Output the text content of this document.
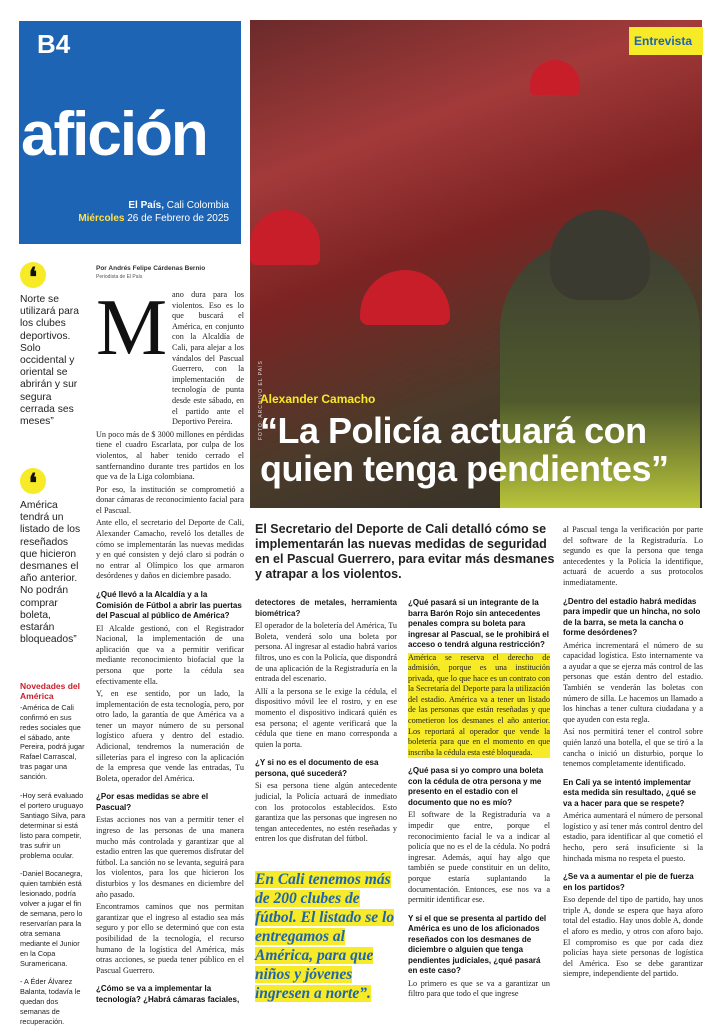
B4
afición
El País, Cali Colombia
Miércoles 26 de Febrero de 2025
FOTO: ARCHIVO EL PAÍS
Entrevista
Alexander Camacho
“La Policía actuará con quien tenga pendientes”
❛
Norte se utilizará para los clubes deportivos. Solo occidental y oriental se abrirán y sur segura cerrada ses meses”
❛
América tendrá un listado de los reseñados que hicieron desmanes el año anterior. No podrán comprar boleta, estarán bloqueados”
Novedades del América

-América de Cali confirmó en sus redes sociales que el sábado, ante Pereira, podrá jugar Rafael Carrascal, tras pagar una sanción.

-Hoy será evaluado el portero uruguayo Santiago Silva, para determinar si está listo para competir, tras sufrir un problema ocular.

-Daniel Bocanegra, quien también está lesionado, podría volver a jugar el fin de semana, pero lo reservarían para la otra semana mediante el Junior en la Copa Suramericana.

- A Éder Álvarez Balanta, todavía le quedan dos semanas de recuperación.

Por Andrés Felipe Cárdenas Bernio
Periodista de El País
M ano dura para los violentos. Eso es lo que buscará el América, en conjunto con la Alcaldía de Cali, para alejar a los vándalos del Pascual Guerrero, con la implementación de tecnología de punta desde este sábado, en el partido ante el Deportivo Pereira.

Un poco más de $ 3000 millones en pérdidas tiene el cuadro Escarlata, por culpa de los violentos, al haber tenido cerrado el santfernandino durante tres partidos en los que va de la Liga colombiana.

Por eso, la institución se comprometió a donar cámaras de reconocimiento facial para el Pascual.

Ante ello, el secretario del Deporte de Cali, Alexander Camacho, reveló los detalles de cómo se implementarán las nuevas medidas y en qué consisten y dejó claro si podrán o no entrar al Olímpico los que armaron desórdenes y daños en diciembre pasado.

¿Qué llevó a la Alcaldía y a la Comisión de Fútbol a abrir las puertas del Pascual al público de América?

El Alcalde gestionó, con el Registrador Nacional, la implementación de una aplicación que va a permitir verificar mediante reconocimiento biofacial que la persona que porte la cédula sea efectivamente ella.

Y, en ese sentido, por un lado, la implementación de esta tecnología, pero, por otro lado, la garantía de que América va a tener un mayor número de su personal logístico afuera y dentro del estadio. Adicional, tendremos la numeración de silleterías para el ingreso con la aplicación de la empresa que vende las entradas, Tu Boleta, operador del América.

¿Por esas medidas se abre el Pascual?

Estas acciones nos van a permitir tener el ingreso de las personas de una manera mucho más controlada y garantizar que al estadio entren las que queremos disfrutar del fútbol. La sanción no se levanta, seguirá para los violentos, para los que hicieron los disturbios y los desmanes en diciembre del año pasado.

Encontramos caminos que nos permitan garantizar que el ingreso al estadio sea más seguro y por ello se determinó que con esta posibilidad de la tecnología, el recurso humano de la logística del América, más otras acciones, se pueda tener público en el Pascual Guerrero.

¿Cómo se va a implementar la tecnología? ¿Habrá cámaras faciales,
El Secretario del Deporte de Cali detalló cómo se implementarán las nuevas medidas de seguridad en el Pascual Guerrero, para evitar más desmanes y atrapar a los violentos.

detectores de metales, herramienta biométrica?

El operador de la boletería del América, Tu Boleta, venderá solo una boleta por persona. Al ingresar al estadio habrá varios filtros, uno es con la Policía, que dispondrá de una aplicación de la Registraduría en la entrada del escenario.

Allí a la persona se le exige la cédula, el dispositivo móvil lee el rostro, y en ese momento el dispositivo indicará quién es esa persona; el agente verificará que la cédula que tiene en mano corresponda a quien la porta.

¿Y si no es el documento de esa persona, qué sucederá?

Si esa persona tiene algún antecedente judicial, la Policía actuará de inmediato con los protocolos establecidos. Esto garantiza que las personas que ingresen no tengan antecedentes, no estén reseñadas y entren los que disfrutan del fútbol.

En Cali tenemos más de 200 clubes de fútbol. El listado se lo entregamos al América, para que niños y jóvenes ingresen a norte”.
¿Qué pasará si un integrante de la barra Barón Rojo sin antecedentes penales compra su boleta para ingresar al Pascual, se le prohibirá el acceso o tendrá alguna restricción?

América se reserva el derecho de admisión, porque es una institución privada, que lo que hace es un contrato con la Secretaría del Deporte para la utilización del estadio. América va a tener un listado de las personas que están reseñadas y que cometieron los desmanes el año anterior. Los reportará al operador que vende la boletería para que en el momento en que inscriba la cédula esta esté bloqueada.

¿Qué pasa si yo compro una boleta con la cédula de otra persona y me presento en el estadio con el documento que no es mío?

El software de la Registraduría va a impedir que entre, porque el reconocimiento facial le va a indicar al policía que no es el de la cédula. No podrá ingresar. Además, aquí hay algo que también se puede constituir en un delito, porque estaría suplantando la documentación. Entonces, ese nos va a permitir identificar ese.

Y si el que se presenta al partido del América es uno de los aficionados reseñados con los desmanes de diciembre o alguien que tenga pendientes judiciales, ¿qué pasará en este caso?

Lo primero es que se va a garantizar un filtro para que todo el que ingrese

al Pascual tenga la verificación por parte del software de la Registraduría. Lo segundo es que la persona que tenga antecedentes y la Policía la identifique, actuará de acuerdo a sus protocolos inmediatamente.

¿Dentro del estadio habrá medidas para impedir que un hincha, no solo de la barra, se meta la cancha o forme desórdenes?

América incrementará el número de su capacidad logística. Esto internamente va a ayudar a que se ejerza más control de las personas que están dentro del estadio. También se venderán las boletas con número de silla. Le hacemos un llamado a los hinchas a tener cultura ciudadana y a que ayuden con esta regla.

Así nos permitirá tener el control sobre quién lanzó una botella, el que se tiró a la cancha o inició un disturbio, porque lo tenemos completamente identificado.

En Cali ya se intentó implementar esta medida sin resultado, ¿qué se va a hacer para que se respete?

América aumentará el número de personal logístico y así tener más control dentro del estadio, para identificar al que cometió el hecho, pero será insuficiente si la hinchada misma no respeta el puesto.

¿Se va a aumentar el pie de fuerza en los partidos?

Eso depende del tipo de partido, hay unos triple A, donde se espera que haya aforo total del estadio. Hay unos doble A, donde el aforo es medio, y otros con aforo bajo. El compromiso es que por cada diez policías haya siete personas de logística del América. Eso se debe garantizar siempre, independiente del partido.
